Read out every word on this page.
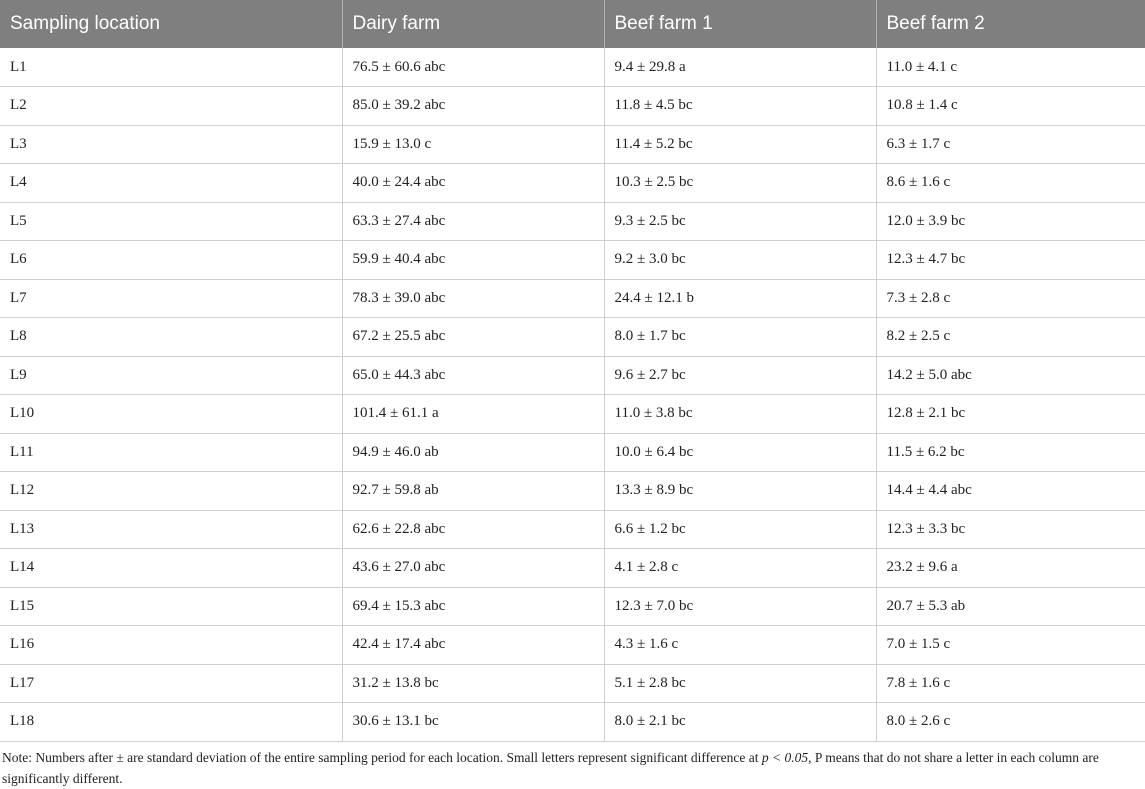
Sampling location	Dairy farm	Beef farm 1	Beef farm 2
L1	76.5 ± 60.6 abc	9.4 ± 29.8 a	11.0 ± 4.1 c
L2	85.0 ± 39.2 abc	11.8 ± 4.5 bc	10.8 ± 1.4 c
L3	15.9 ± 13.0 c	11.4 ± 5.2 bc	6.3 ± 1.7 c
L4	40.0 ± 24.4 abc	10.3 ± 2.5 bc	8.6 ± 1.6 c
L5	63.3 ± 27.4 abc	9.3 ± 2.5 bc	12.0 ± 3.9 bc
L6	59.9 ± 40.4 abc	9.2 ± 3.0 bc	12.3 ± 4.7 bc
L7	78.3 ± 39.0 abc	24.4 ± 12.1 b	7.3 ± 2.8 c
L8	67.2 ± 25.5 abc	8.0 ± 1.7 bc	8.2 ± 2.5 c
L9	65.0 ± 44.3 abc	9.6 ± 2.7 bc	14.2 ± 5.0 abc
L10	101.4 ± 61.1 a	11.0 ± 3.8 bc	12.8 ± 2.1 bc
L11	94.9 ± 46.0 ab	10.0 ± 6.4 bc	11.5 ± 6.2 bc
L12	92.7 ± 59.8 ab	13.3 ± 8.9 bc	14.4 ± 4.4 abc
L13	62.6 ± 22.8 abc	6.6 ± 1.2 bc	12.3 ± 3.3 bc
L14	43.6 ± 27.0 abc	4.1 ± 2.8 c	23.2 ± 9.6 a
L15	69.4 ± 15.3 abc	12.3 ± 7.0 bc	20.7 ± 5.3 ab
L16	42.4 ± 17.4 abc	4.3 ± 1.6 c	7.0 ± 1.5 c
L17	31.2 ± 13.8 bc	5.1 ± 2.8 bc	7.8 ± 1.6 c
L18	30.6 ± 13.1 bc	8.0 ± 2.1 bc	8.0 ± 2.6 c

Note: Numbers after ± are standard deviation of the entire sampling period for each location. Small letters represent significant difference at p < 0.05, P means that do not share a letter in each column are significantly different.
